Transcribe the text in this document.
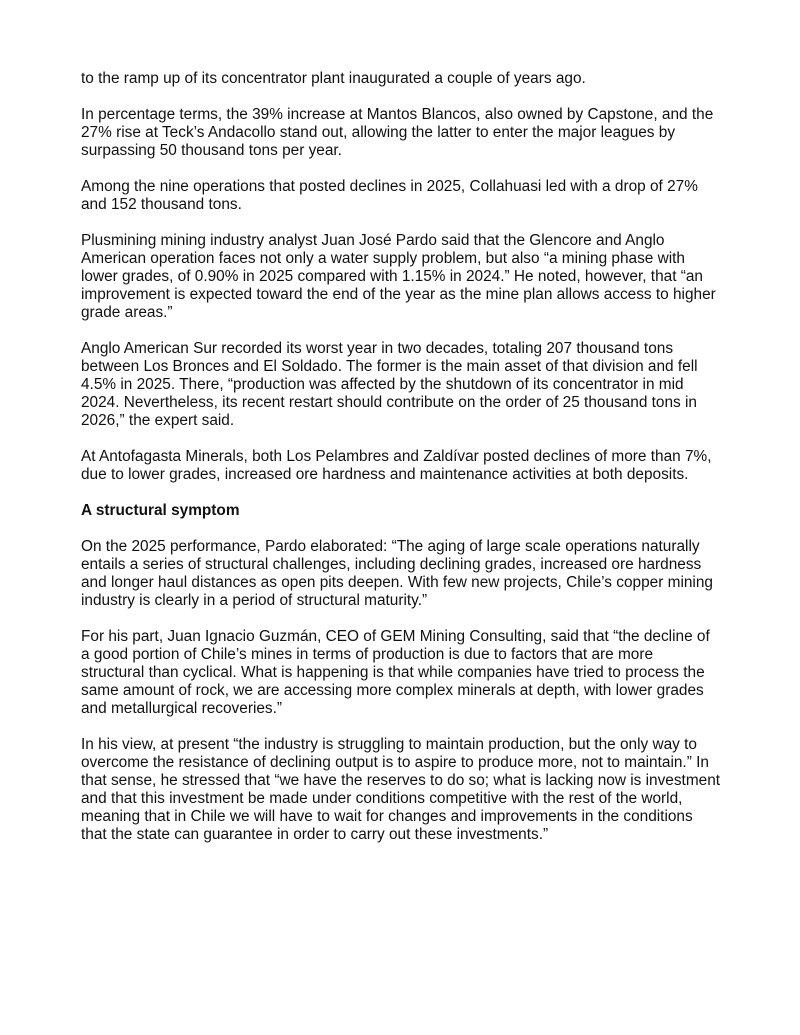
to the ramp up of its concentrator plant inaugurated a couple of years ago.

In percentage terms, the 39% increase at Mantos Blancos, also owned by Capstone, and the
27% rise at Teck’s Andacollo stand out, allowing the latter to enter the major leagues by
surpassing 50 thousand tons per year.

Among the nine operations that posted declines in 2025, Collahuasi led with a drop of 27%
and 152 thousand tons.

Plusmining mining industry analyst Juan José Pardo said that the Glencore and Anglo
American operation faces not only a water supply problem, but also “a mining phase with
lower grades, of 0.90% in 2025 compared with 1.15% in 2024.” He noted, however, that “an
improvement is expected toward the end of the year as the mine plan allows access to higher
grade areas.”

Anglo American Sur recorded its worst year in two decades, totaling 207 thousand tons
between Los Bronces and El Soldado. The former is the main asset of that division and fell
4.5% in 2025. There, “production was affected by the shutdown of its concentrator in mid
2024. Nevertheless, its recent restart should contribute on the order of 25 thousand tons in
2026,” the expert said.

At Antofagasta Minerals, both Los Pelambres and Zaldívar posted declines of more than 7%,
due to lower grades, increased ore hardness and maintenance activities at both deposits.

A structural symptom

On the 2025 performance, Pardo elaborated: “The aging of large scale operations naturally
entails a series of structural challenges, including declining grades, increased ore hardness
and longer haul distances as open pits deepen. With few new projects, Chile’s copper mining
industry is clearly in a period of structural maturity.”

For his part, Juan Ignacio Guzmán, CEO of GEM Mining Consulting, said that “the decline of
a good portion of Chile’s mines in terms of production is due to factors that are more
structural than cyclical. What is happening is that while companies have tried to process the
same amount of rock, we are accessing more complex minerals at depth, with lower grades
and metallurgical recoveries.”

In his view, at present “the industry is struggling to maintain production, but the only way to
overcome the resistance of declining output is to aspire to produce more, not to maintain.” In
that sense, he stressed that “we have the reserves to do so; what is lacking now is investment
and that this investment be made under conditions competitive with the rest of the world,
meaning that in Chile we will have to wait for changes and improvements in the conditions
that the state can guarantee in order to carry out these investments.”
